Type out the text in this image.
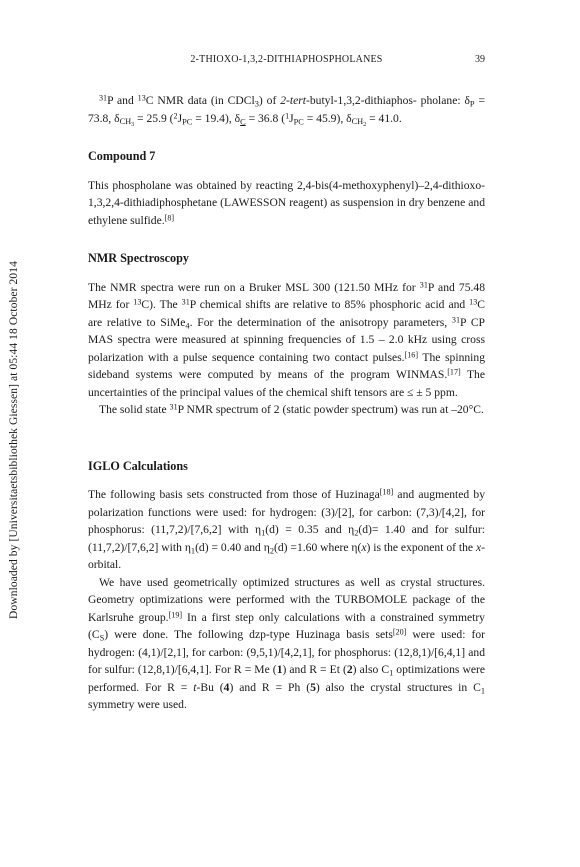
Downloaded by [Universitaetsbibliothek Giessen] at 05:44 18 October 2014
2-THIOXO-1,3,2-DITHIAPHOSPHOLANES	39

$^{31}$P and $^{13}$C NMR data (in CDCl$_3$) of 2-tert-butyl-1,3,2-dithiaphos- pholane: $\delta_P = 73.8$, $\delta_{CH_3} = 25.9$ $(^2J_{PC} = 19.4)$, $\delta_C = 36.8$ $(^1J_{PC} = 45.9)$, $\delta_{CH_2} = 41.0$.

Compound 7

This phospholane was obtained by reacting 2,4-bis(4-methoxyphenyl)–2,4-dithioxo-1,3,2,4-dithiadiphosphetane (LAWESSON reagent) as suspension in dry benzene and ethylene sulfide.[8]

NMR Spectroscopy

The NMR spectra were run on a Bruker MSL 300 (121.50 MHz for $^{31}$P and 75.48 MHz for $^{13}$C). The $^{31}$P chemical shifts are relative to 85% phosphoric acid and $^{13}$C are relative to SiMe$_4$. For the determination of the anisotropy parameters, $^{31}$P CP MAS spectra were measured at spinning frequencies of 1.5 – 2.0 kHz using cross polarization with a pulse sequence containing two contact pulses.[16] The spinning sideband systems were computed by means of the program WINMAS.[17] The uncertainties of the principal values of the chemical shift tensors are ≤ ± 5 ppm.

The solid state $^{31}$P NMR spectrum of 2 (static powder spectrum) was run at –20°C.

IGLO Calculations

The following basis sets constructed from those of Huzinaga[18] and augmented by polarization functions were used: for hydrogen: (3)/[2], for carbon: (7,3)/[4,2], for phosphorus: (11,7,2)/[7,6,2] with $\eta_1(d) = 0.35$ and $\eta_2(d)= 1.40$ and for sulfur: (11,7,2)/[7,6,2] with $\eta_1(d) = 0.40$ and $\eta_2(d) =1.60$ where η(x) is the exponent of the x-orbital.

We have used geometrically optimized structures as well as crystal structures. Geometry optimizations were performed with the TURBOMOLE package of the Karlsruhe group.[19] In a first step only calculations with a constrained symmetry $(C_S)$ were done. The following dzp-type Huzinaga basis sets[20] were used: for hydrogen: (4,1)/[2,1], for carbon: (9,5,1)/[4,2,1], for phosphorus: (12,8,1)/[6,4,1] and for sulfur: (12,8,1)/[6,4,1]. For R = Me (1) and R = Et (2) also $C_1$ optimizations were performed. For R = t-Bu (4) and R = Ph (5) also the crystal structures in $C_1$ symmetry were used.
